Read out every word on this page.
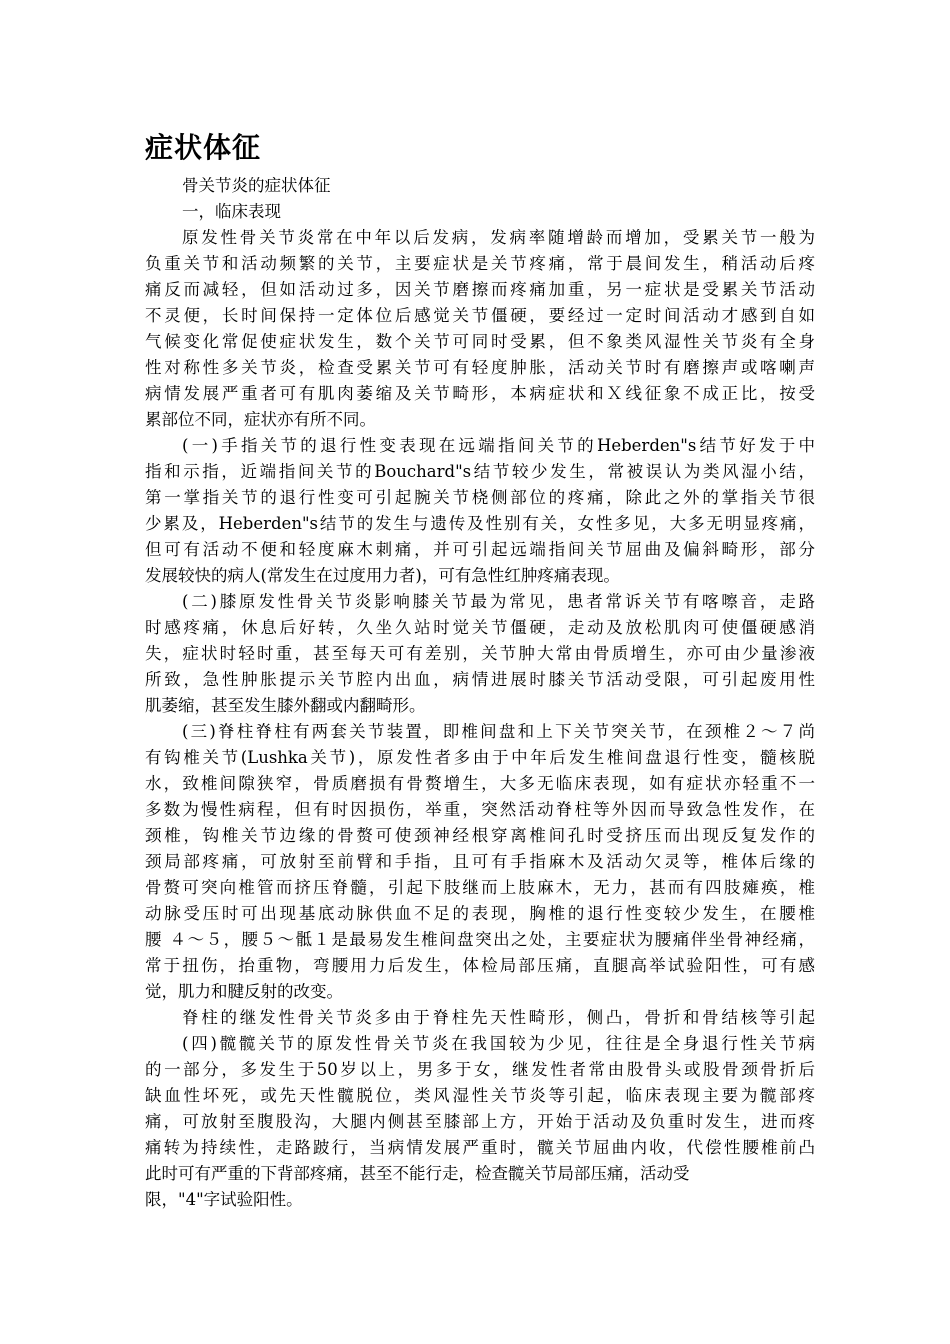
症状体征
骨关节炎的症状体征
一，临床表现
原发性骨关节炎常在中年以后发病，发病率随增龄而增加，受累关节一般为
负重关节和活动频繁的关节，主要症状是关节疼痛，常于晨间发生，稍活动后疼
痛反而减轻，但如活动过多，因关节磨擦而疼痛加重，另一症状是受累关节活动
不灵便，长时间保持一定体位后感觉关节僵硬，要经过一定时间活动才感到自如
气候变化常促使症状发生，数个关节可同时受累，但不象类风湿性关节炎有全身
性对称性多关节炎，检查受累关节可有轻度肿胀，活动关节时有磨擦声或喀喇声
病情发展严重者可有肌肉萎缩及关节畸形，本病症状和Ｘ线征象不成正比，按受
累部位不同，症状亦有所不同。
(一)手指关节的退行性变表现在远端指间关节的Heberden"s结节好发于中
指和示指，近端指间关节的Bouchard"s结节较少发生，常被误认为类风湿小结，
第一掌指关节的退行性变可引起腕关节桡侧部位的疼痛，除此之外的掌指关节很
少累及，Heberden"s结节的发生与遗传及性别有关，女性多见，大多无明显疼痛，
但可有活动不便和轻度麻木刺痛，并可引起远端指间关节屈曲及偏斜畸形，部分
发展较快的病人(常发生在过度用力者)，可有急性红肿疼痛表现。
(二)膝原发性骨关节炎影响膝关节最为常见，患者常诉关节有喀嚓音，走路
时感疼痛，休息后好转，久坐久站时觉关节僵硬，走动及放松肌肉可使僵硬感消
失，症状时轻时重，甚至每天可有差别，关节肿大常由骨质增生，亦可由少量渗液
所致，急性肿胀提示关节腔内出血，病情进展时膝关节活动受限，可引起废用性
肌萎缩，甚至发生膝外翻或内翻畸形。
(三)脊柱脊柱有两套关节装置，即椎间盘和上下关节突关节，在颈椎２～７尚
有钩椎关节(Lushka关节)，原发性者多由于中年后发生椎间盘退行性变，髓核脱
水，致椎间隙狭窄，骨质磨损有骨赘增生，大多无临床表现，如有症状亦轻重不一
多数为慢性病程，但有时因损伤，举重，突然活动脊柱等外因而导致急性发作，在
颈椎，钩椎关节边缘的骨赘可使颈神经根穿离椎间孔时受挤压而出现反复发作的
颈局部疼痛，可放射至前臂和手指，且可有手指麻木及活动欠灵等，椎体后缘的
骨赘可突向椎管而挤压脊髓，引起下肢继而上肢麻木，无力，甚而有四肢瘫痪，椎
动脉受压时可出现基底动脉供血不足的表现，胸椎的退行性变较少发生，在腰椎
腰 ４～５，腰５～骶１是最易发生椎间盘突出之处，主要症状为腰痛伴坐骨神经痛，
常于扭伤，抬重物，弯腰用力后发生，体检局部压痛，直腿高举试验阳性，可有感
觉，肌力和腱反射的改变。
脊柱的继发性骨关节炎多由于脊柱先天性畸形，侧凸，骨折和骨结核等引起
(四)髋髋关节的原发性骨关节炎在我国较为少见，往往是全身退行性关节病
的一部分，多发生于50岁以上，男多于女，继发性者常由股骨头或股骨颈骨折后
缺血性坏死，或先天性髋脱位，类风湿性关节炎等引起，临床表现主要为髋部疼
痛，可放射至腹股沟，大腿内侧甚至膝部上方，开始于活动及负重时发生，进而疼
痛转为持续性，走路跛行，当病情发展严重时，髋关节屈曲内收，代偿性腰椎前凸
此时可有严重的下背部疼痛，甚至不能行走，检查髋关节局部压痛，活动受
限，"4"字试验阳性。
